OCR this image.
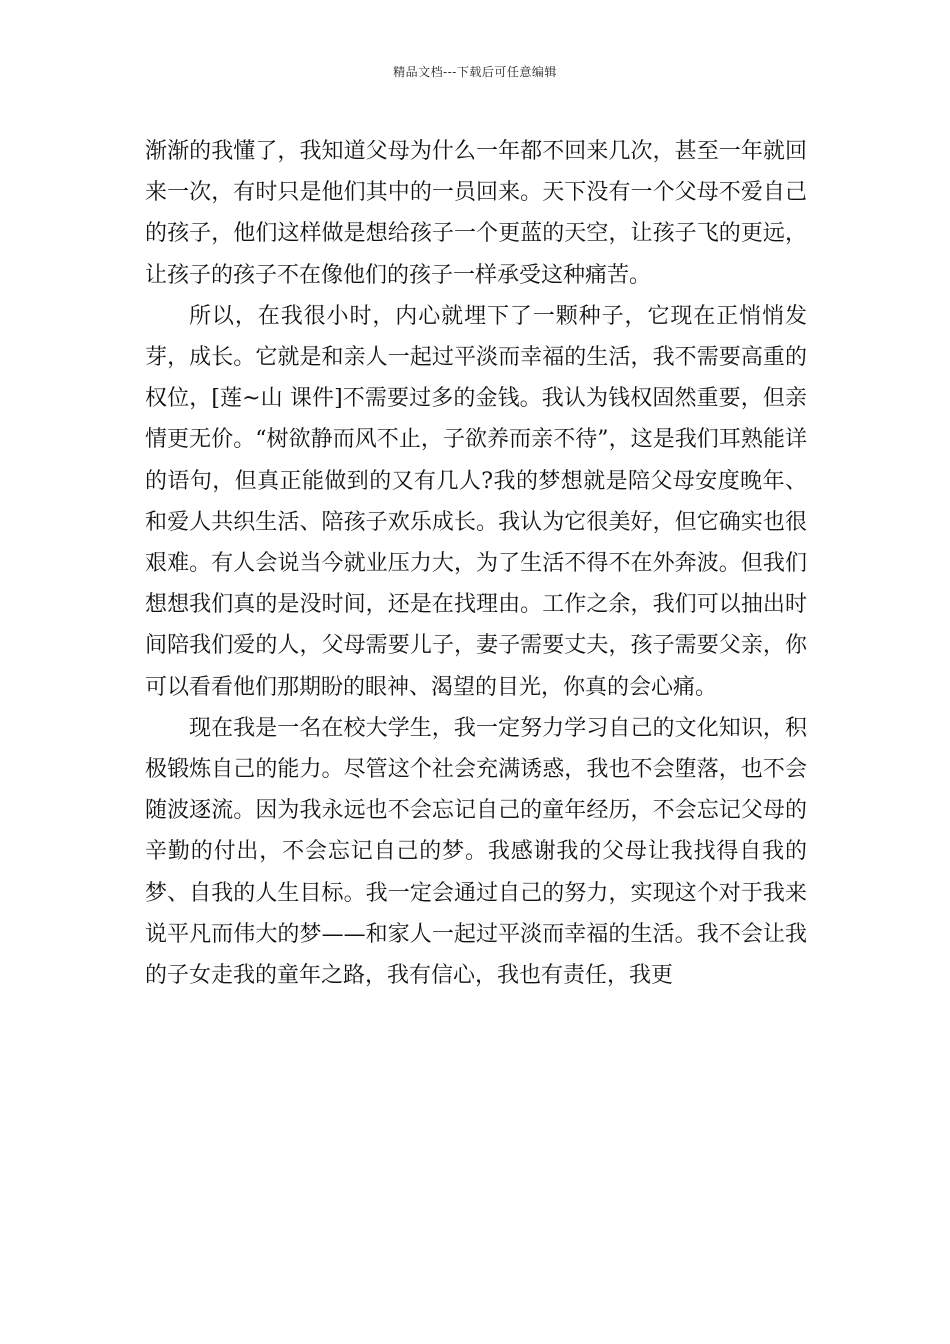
精品文档---下载后可任意编辑

渐渐的我懂了，我知道父母为什么一年都不回来几次，甚至一年就回来一次，有时只是他们其中的一员回来。天下没有一个父母不爱自己的孩子，他们这样做是想给孩子一个更蓝的天空，让孩子飞的更远，让孩子的孩子不在像他们的孩子一样承受这种痛苦。

所以，在我很小时，内心就埋下了一颗种子，它现在正悄悄发芽，成长。它就是和亲人一起过平淡而幸福的生活，我不需要高重的权位，[莲~山 课件]不需要过多的金钱。我认为钱权固然重要，但亲情更无价。“树欲静而风不止，子欲养而亲不待”，这是我们耳熟能详的语句，但真正能做到的又有几人?我的梦想就是陪父母安度晚年、和爱人共织生活、陪孩子欢乐成长。我认为它很美好，但它确实也很艰难。有人会说当今就业压力大，为了生活不得不在外奔波。但我们想想我们真的是没时间，还是在找理由。工作之余，我们可以抽出时间陪我们爱的人，父母需要儿子，妻子需要丈夫，孩子需要父亲，你可以看看他们那期盼的眼神、渴望的目光，你真的会心痛。

现在我是一名在校大学生，我一定努力学习自己的文化知识，积极锻炼自己的能力。尽管这个社会充满诱惑，我也不会堕落，也不会随波逐流。因为我永远也不会忘记自己的童年经历，不会忘记父母的辛勤的付出，不会忘记自己的梦。我感谢我的父母让我找得自我的梦、自我的人生目标。我一定会通过自己的努力，实现这个对于我来说平凡而伟大的梦——和家人一起过平淡而幸福的生活。我不会让我的子女走我的童年之路，我有信心，我也有责任，我更
